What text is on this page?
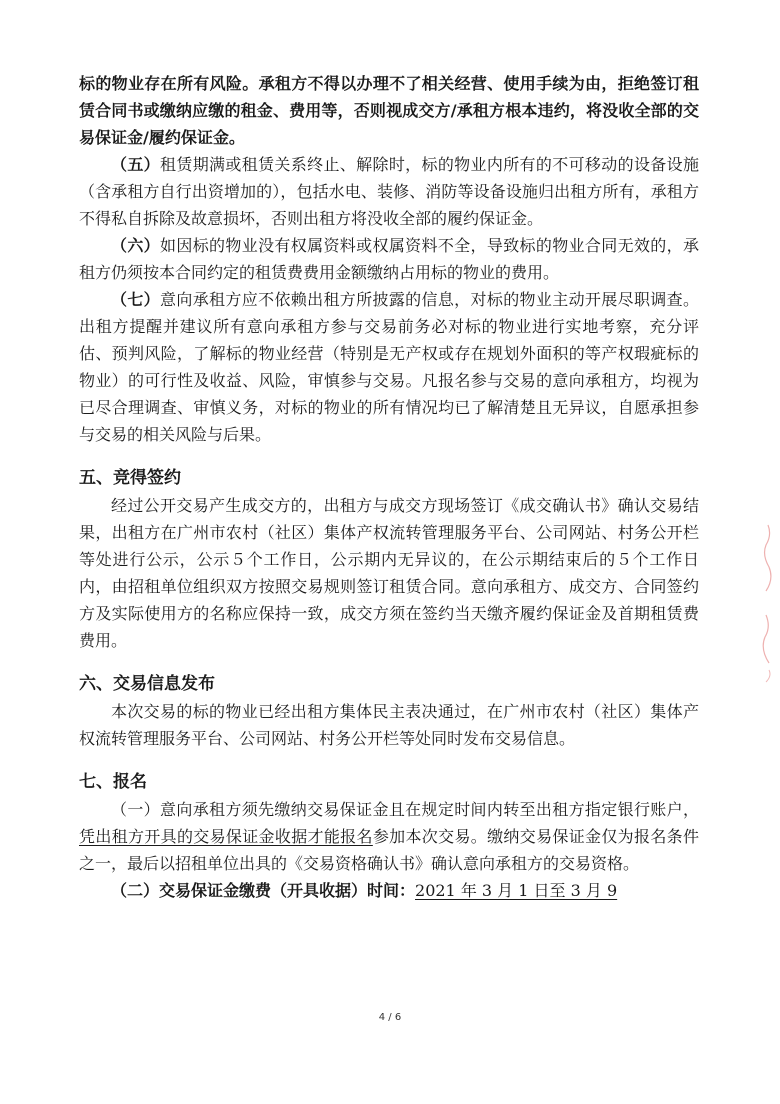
标的物业存在所有风险。承租方不得以办理不了相关经营、使用手续为由，拒绝签订租赁合同书或缴纳应缴的租金、费用等，否则视成交方/承租方根本违约，将没收全部的交易保证金/履约保证金。

（五）租赁期满或租赁关系终止、解除时，标的物业内所有的不可移动的设备设施（含承租方自行出资增加的），包括水电、装修、消防等设备设施归出租方所有，承租方不得私自拆除及故意损坏，否则出租方将没收全部的履约保证金。

（六）如因标的物业没有权属资料或权属资料不全，导致标的物业合同无效的，承租方仍须按本合同约定的租赁费费用金额缴纳占用标的物业的费用。

（七）意向承租方应不依赖出租方所披露的信息，对标的物业主动开展尽职调查。出租方提醒并建议所有意向承租方参与交易前务必对标的物业进行实地考察，充分评估、预判风险，了解标的物业经营（特别是无产权或存在规划外面积的等产权瑕疵标的物业）的可行性及收益、风险，审慎参与交易。凡报名参与交易的意向承租方，均视为已尽合理调查、审慎义务，对标的物业的所有情况均已了解清楚且无异议，自愿承担参与交易的相关风险与后果。

五、竞得签约

经过公开交易产生成交方的，出租方与成交方现场签订《成交确认书》确认交易结果，出租方在广州市农村（社区）集体产权流转管理服务平台、公司网站、村务公开栏等处进行公示，公示５个工作日，公示期内无异议的，在公示期结束后的５个工作日内，由招租单位组织双方按照交易规则签订租赁合同。意向承租方、成交方、合同签约方及实际使用方的名称应保持一致，成交方须在签约当天缴齐履约保证金及首期租赁费费用。

六、交易信息发布

本次交易的标的物业已经出租方集体民主表决通过，在广州市农村（社区）集体产权流转管理服务平台、公司网站、村务公开栏等处同时发布交易信息。

七、报名

（一）意向承租方须先缴纳交易保证金且在规定时间内转至出租方指定银行账户，凭出租方开具的交易保证金收据才能报名参加本次交易。缴纳交易保证金仅为报名条件之一，最后以招租单位出具的《交易资格确认书》确认意向承租方的交易资格。

（二）交易保证金缴费（开具收据）时间：2021 年 3 月 1 日至 3 月 9

4 / 6
